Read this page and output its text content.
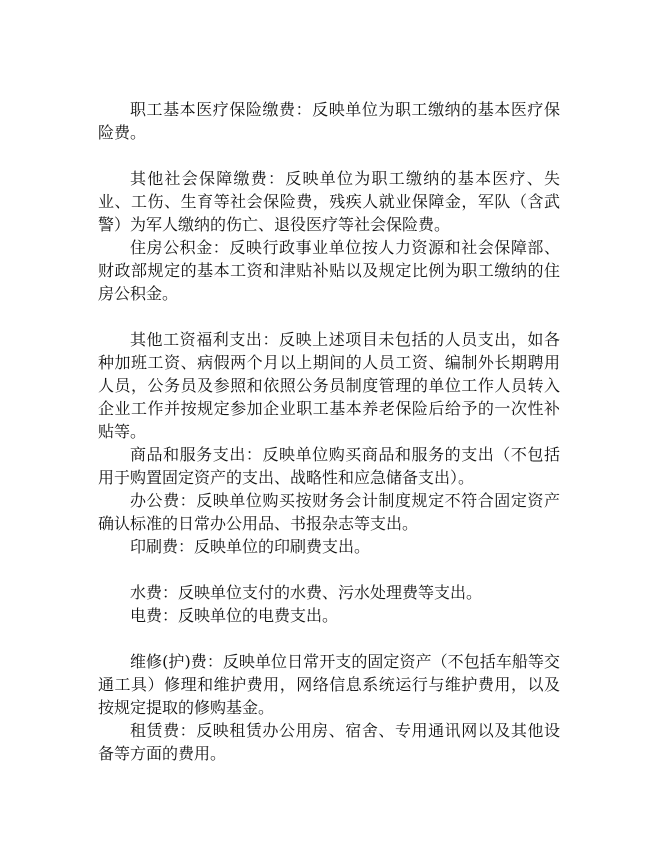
职工基本医疗保险缴费：反映单位为职工缴纳的基本医疗保险费。

其他社会保障缴费：反映单位为职工缴纳的基本医疗、失业、工伤、生育等社会保险费，残疾人就业保障金，军队（含武警）为军人缴纳的伤亡、退役医疗等社会保险费。

住房公积金：反映行政事业单位按人力资源和社会保障部、财政部规定的基本工资和津贴补贴以及规定比例为职工缴纳的住房公积金。

其他工资福利支出：反映上述项目未包括的人员支出，如各种加班工资、病假两个月以上期间的人员工资、编制外长期聘用人员，公务员及参照和依照公务员制度管理的单位工作人员转入企业工作并按规定参加企业职工基本养老保险后给予的一次性补贴等。

商品和服务支出：反映单位购买商品和服务的支出（不包括用于购置固定资产的支出、战略性和应急储备支出）。

办公费：反映单位购买按财务会计制度规定不符合固定资产确认标准的日常办公用品、书报杂志等支出。

印刷费：反映单位的印刷费支出。

水费：反映单位支付的水费、污水处理费等支出。

电费：反映单位的电费支出。

维修(护)费：反映单位日常开支的固定资产（不包括车船等交通工具）修理和维护费用，网络信息系统运行与维护费用，以及按规定提取的修购基金。

租赁费：反映租赁办公用房、宿舍、专用通讯网以及其他设备等方面的费用。
